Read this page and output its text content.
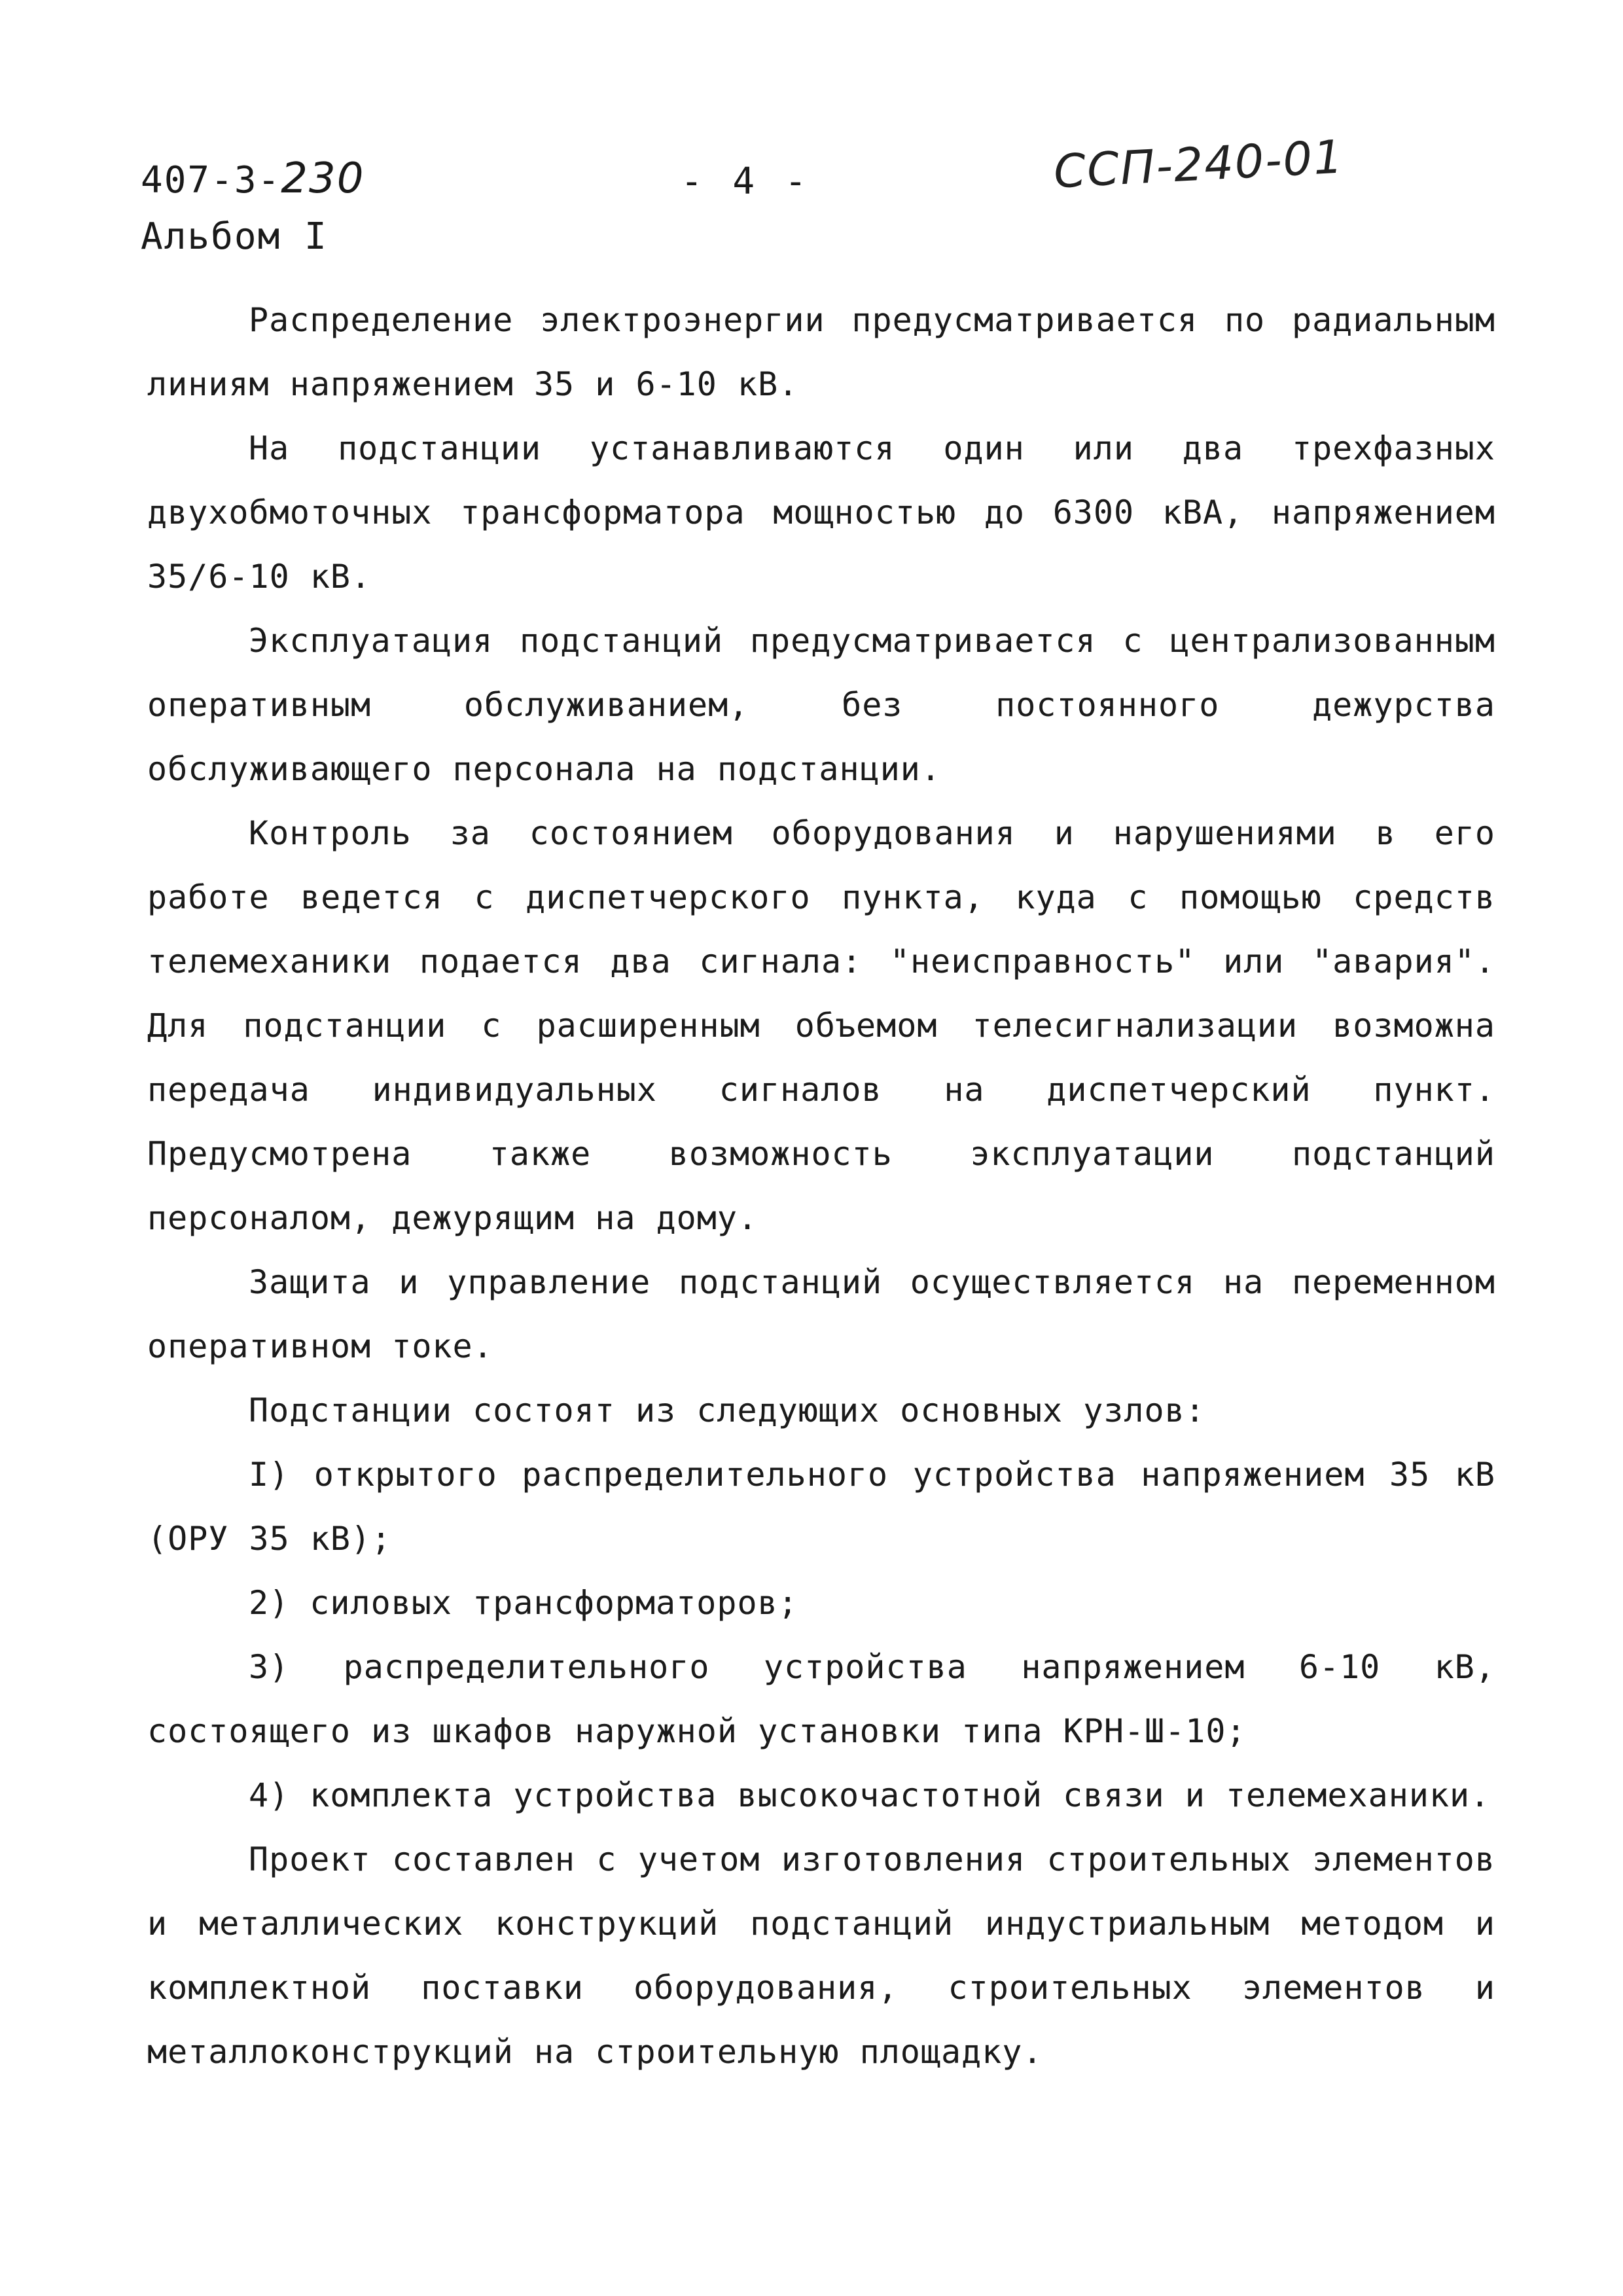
407-3-230
Альбом I
- 4 -	ССП-240-01

Распределение электроэнергии предусматривается по радиальным линиям напряжением 35 и 6-10 кВ.

На подстанции устанавливаются один или два трехфазных двухобмоточных трансформатора мощностью до 6300 кВА, напряжением 35/6-10 кВ.

Эксплуатация подстанций предусматривается с централизованным оперативным обслуживанием, без постоянного дежурства обслуживающего персонала на подстанции.

Контроль за состоянием оборудования и нарушениями в его работе ведется с диспетчерского пункта, куда с помощью средств телемеханики подается два сигнала: "неисправность" или "авария". Для подстанции с расширенным объемом телесигнализации возможна передача индивидуальных сигналов на диспетчерский пункт. Предусмотрена также возможность эксплуатации подстанций персоналом, дежурящим на дому.

Защита и управление подстанций осуществляется на переменном оперативном токе.

Подстанции состоят из следующих основных узлов:

I) открытого распределительного устройства напряжением 35 кВ (ОРУ 35 кВ);

2) силовых трансформаторов;

3) распределительного устройства напряжением 6-10 кВ, состоящего из шкафов наружной установки типа КРН-Ш-10;

4) комплекта устройства высокочастотной связи и телемеханики.

Проект составлен с учетом изготовления строительных элементов и металлических конструкций подстанций индустриальным методом и комплектной поставки оборудования, строительных элементов и металлоконструкций на строительную площадку.
